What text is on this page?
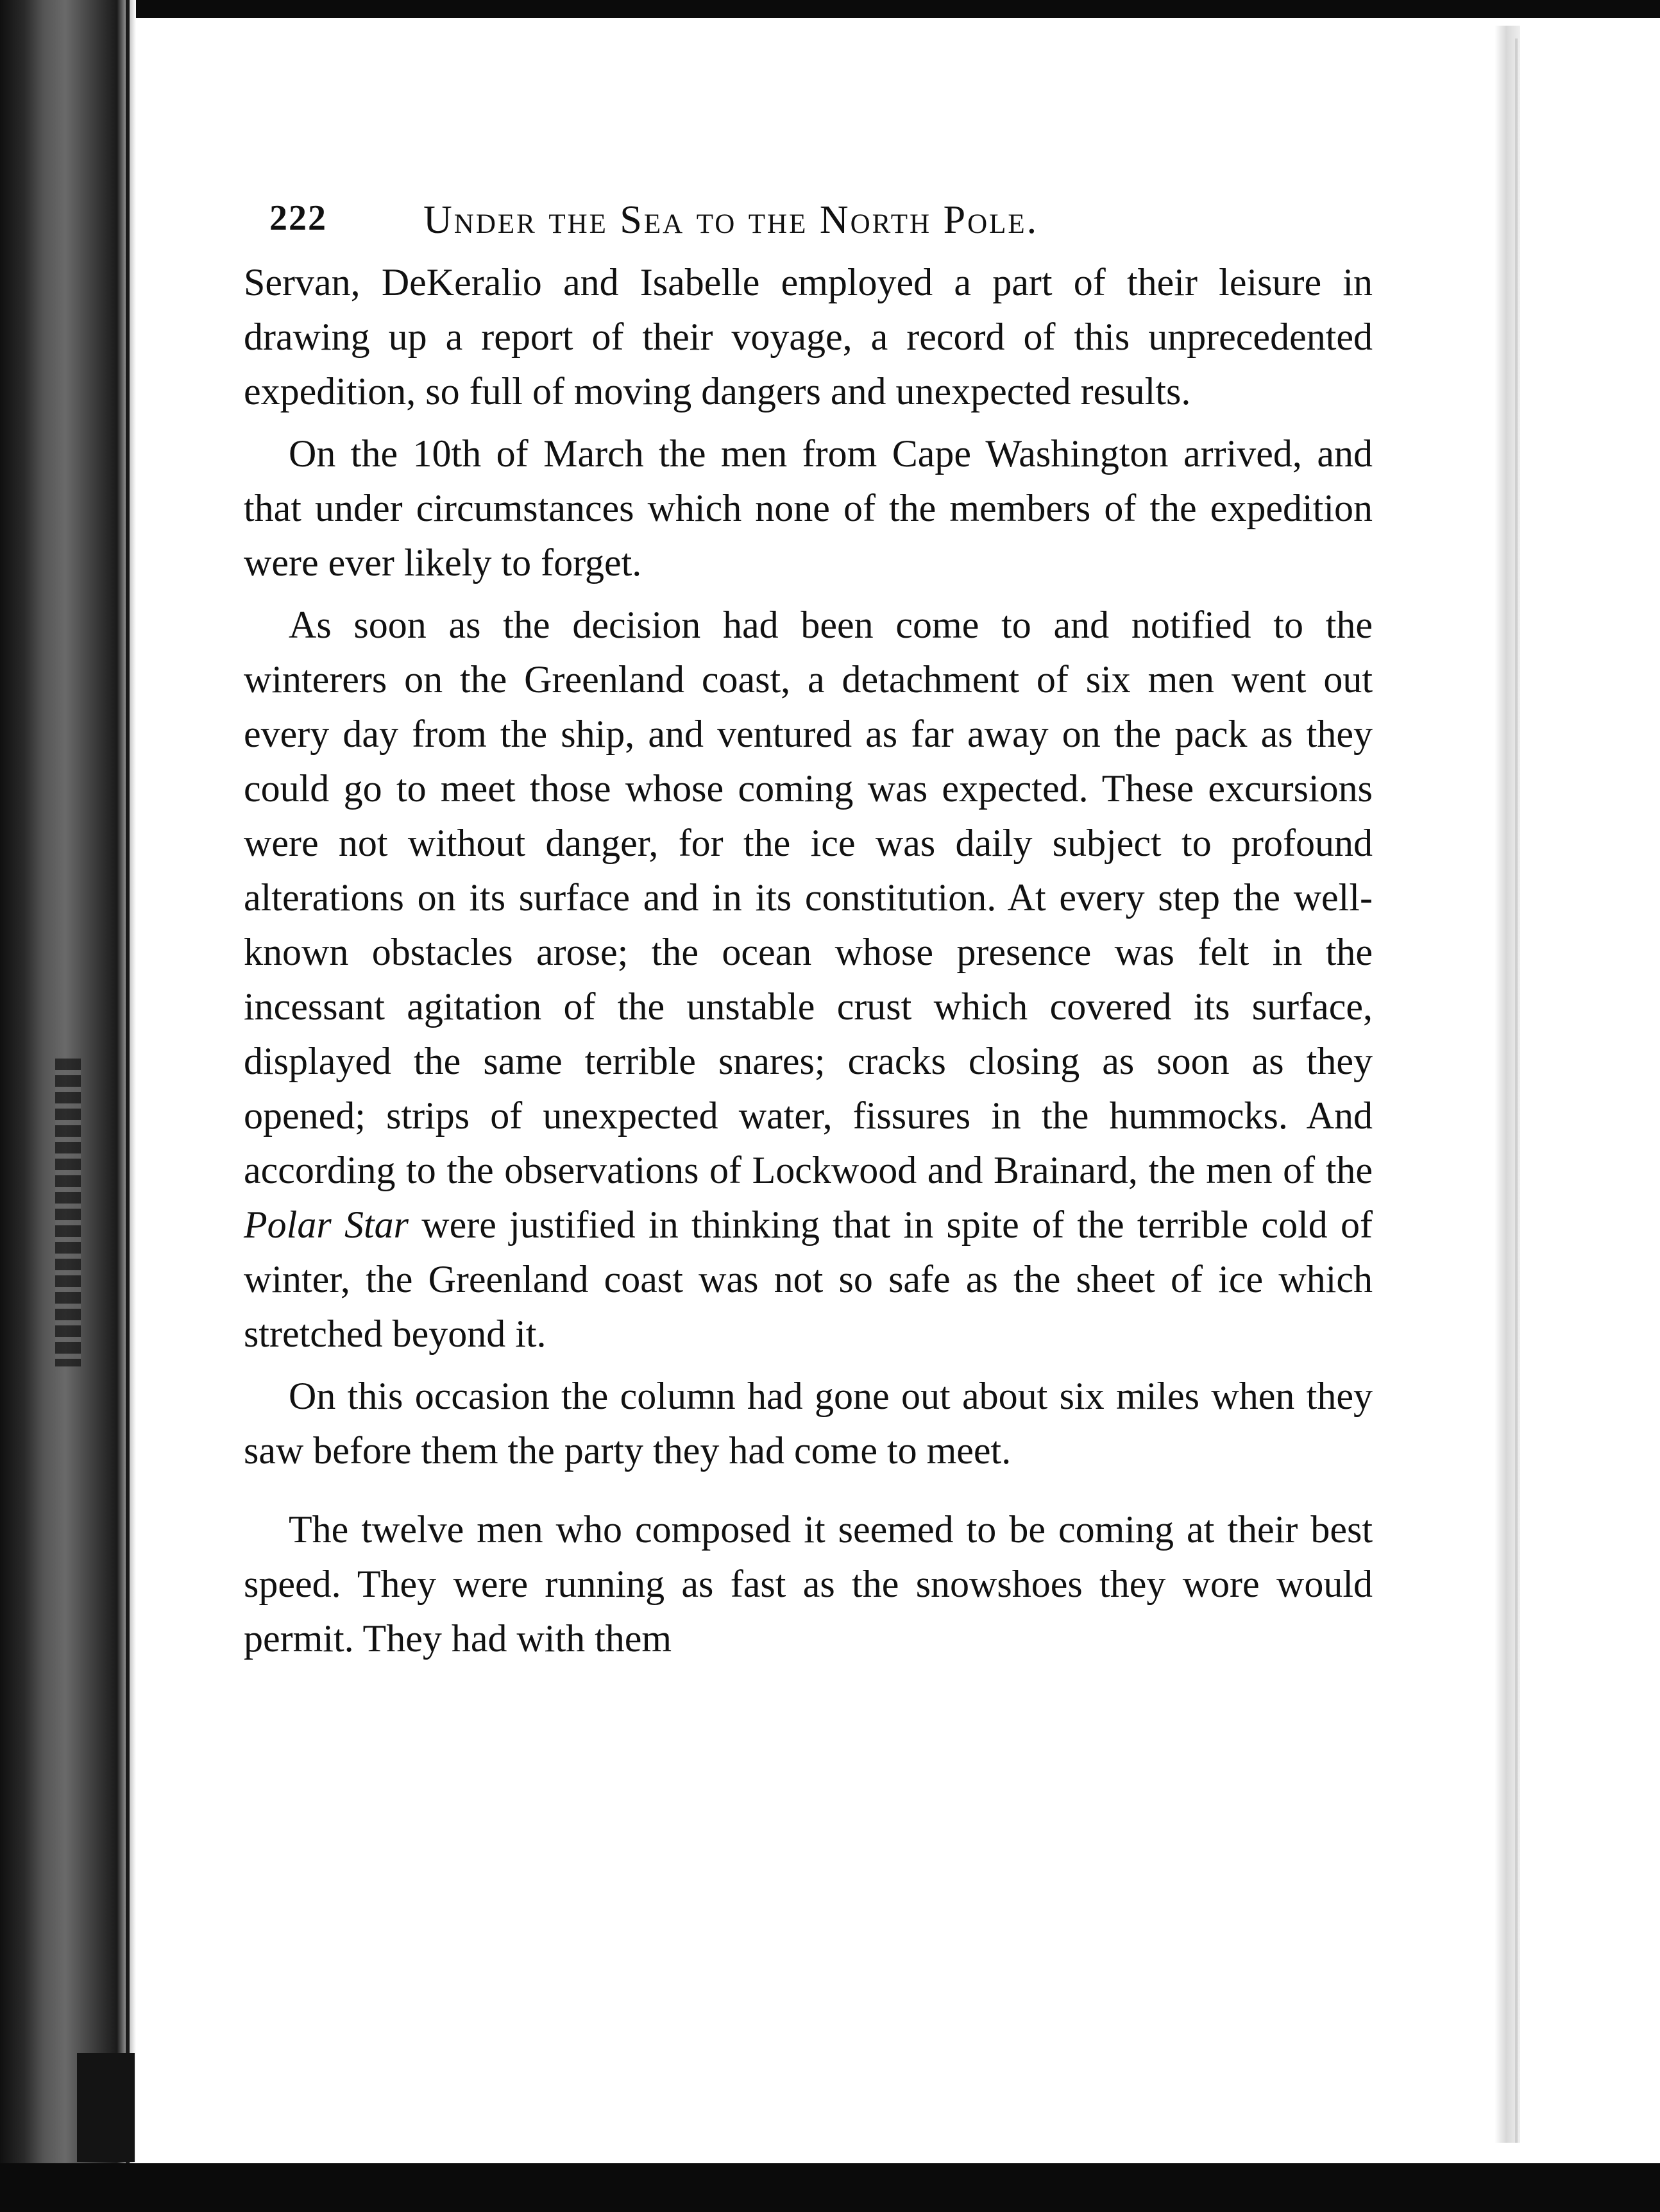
222 Under the Sea to the North Pole.

Servan, DeKeralio and Isabelle employed a part of their leisure in drawing up a report of their voyage, a record of this unprecedented expedition, so full of moving dangers and unexpected results.

On the 10th of March the men from Cape Washington arrived, and that under circumstances which none of the members of the expedition were ever likely to forget.

As soon as the decision had been come to and notified to the winterers on the Greenland coast, a detachment of six men went out every day from the ship, and ventured as far away on the pack as they could go to meet those whose coming was expected. These excursions were not without danger, for the ice was daily subject to profound alterations on its surface and in its constitution. At every step the well-known obstacles arose; the ocean whose presence was felt in the incessant agitation of the unstable crust which covered its surface, displayed the same terrible snares; cracks closing as soon as they opened; strips of unexpected water, fissures in the hummocks. And according to the observations of Lockwood and Brainard, the men of the Polar Star were justified in thinking that in spite of the terrible cold of winter, the Greenland coast was not so safe as the sheet of ice which stretched beyond it.

On this occasion the column had gone out about six miles when they saw before them the party they had come to meet.

The twelve men who composed it seemed to be coming at their best speed. They were running as fast as the snowshoes they wore would permit. They had with them
